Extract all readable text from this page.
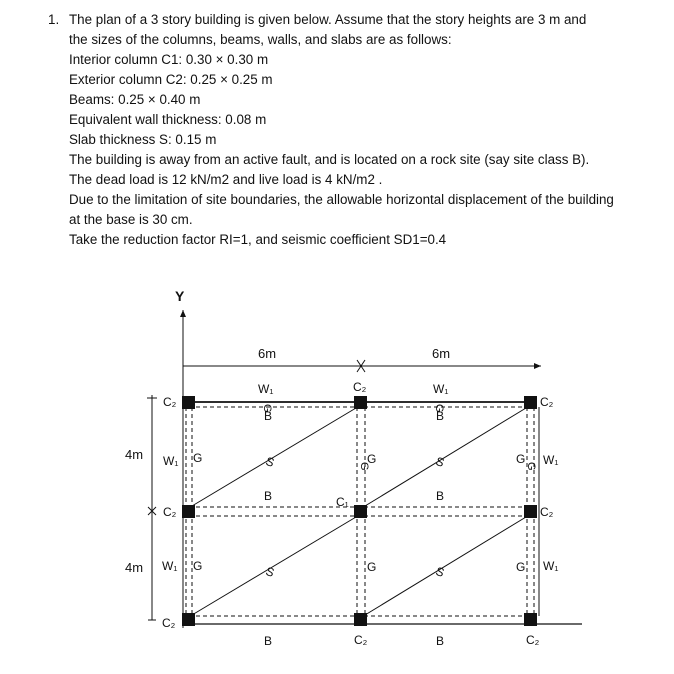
1. The plan of a 3 story building is given below. Assume that the story heights are 3 m and
the sizes of the columns, beams, walls, and slabs are as follows:
Interior column C1: 0.30 × 0.30 m
Exterior column C2: 0.25 × 0.25 m
Beams: 0.25 × 0.40 m
Equivalent wall thickness: 0.08 m
Slab thickness S: 0.15 m
The building is away from an active fault, and is located on a rock site (say site class B).
The dead load is 12 kN/m2 and live load is 4 kN/m2 .
Due to the limitation of site boundaries, the allowable horizontal displacement of the building at the base is 30 cm.
Take the reduction factor RI=1, and seismic coefficient SD1=0.4
Y
6m	6m
4m
4m
C₂
C₂
C₂
C₂
C₁
C₂
C₂
C₂	C₂
W₁	W₁
W₁
W₁
W₁
W₁
B	B
B	B
B	B
G
G
G
G
G
G
G	G
G	G
S	S
S	S
